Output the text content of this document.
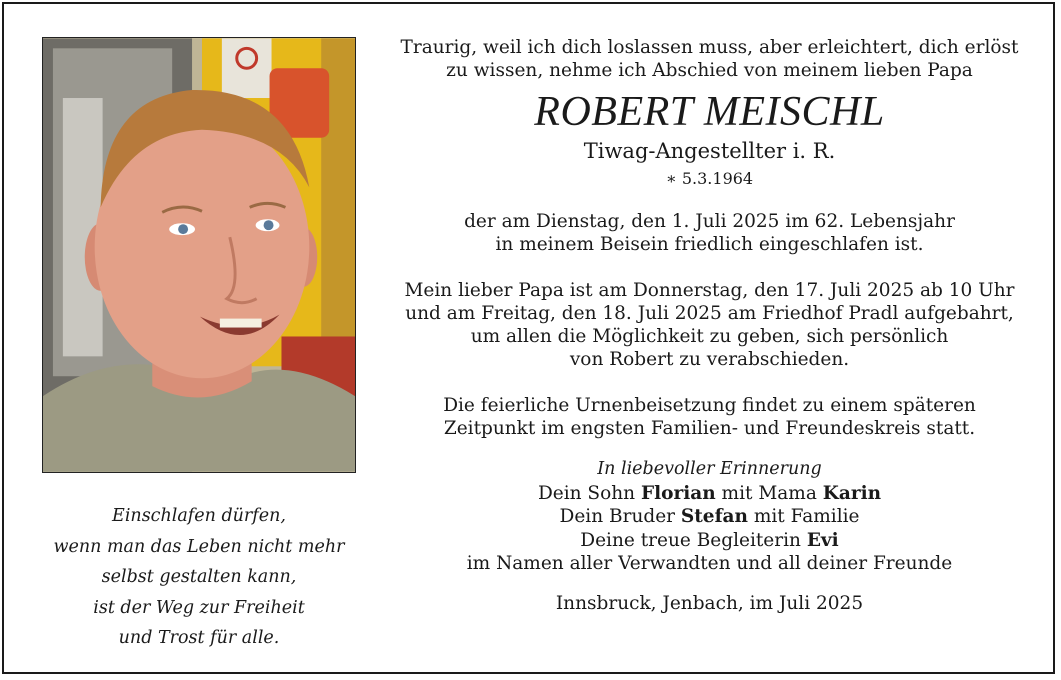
Einschlafen dürfen,
wenn man das Leben nicht mehr
selbst gestalten kann,
ist der Weg zur Freiheit
und Trost für alle.
Traurig, weil ich dich loslassen muss, aber erleichtert, dich erlöst
zu wissen, nehme ich Abschied von meinem lieben Papa
ROBERT MEISCHL
Tiwag-Angestellter i. R.
∗ 5.3.1964
der am Dienstag, den 1. Juli 2025 im 62. Lebensjahr
in meinem Beisein friedlich eingeschlafen ist.
Mein lieber Papa ist am Donnerstag, den 17. Juli 2025 ab 10 Uhr
und am Freitag, den 18. Juli 2025 am Friedhof Pradl aufgebahrt,
um allen die Möglichkeit zu geben, sich persönlich
von Robert zu verabschieden.
Die feierliche Urnenbeisetzung findet zu einem späteren
Zeitpunkt im engsten Familien- und Freundeskreis statt.
In liebevoller Erinnerung
Dein Sohn Florian mit Mama Karin
Dein Bruder Stefan mit Familie
Deine treue Begleiterin Evi
im Namen aller Verwandten und all deiner Freunde
Innsbruck, Jenbach, im Juli 2025
